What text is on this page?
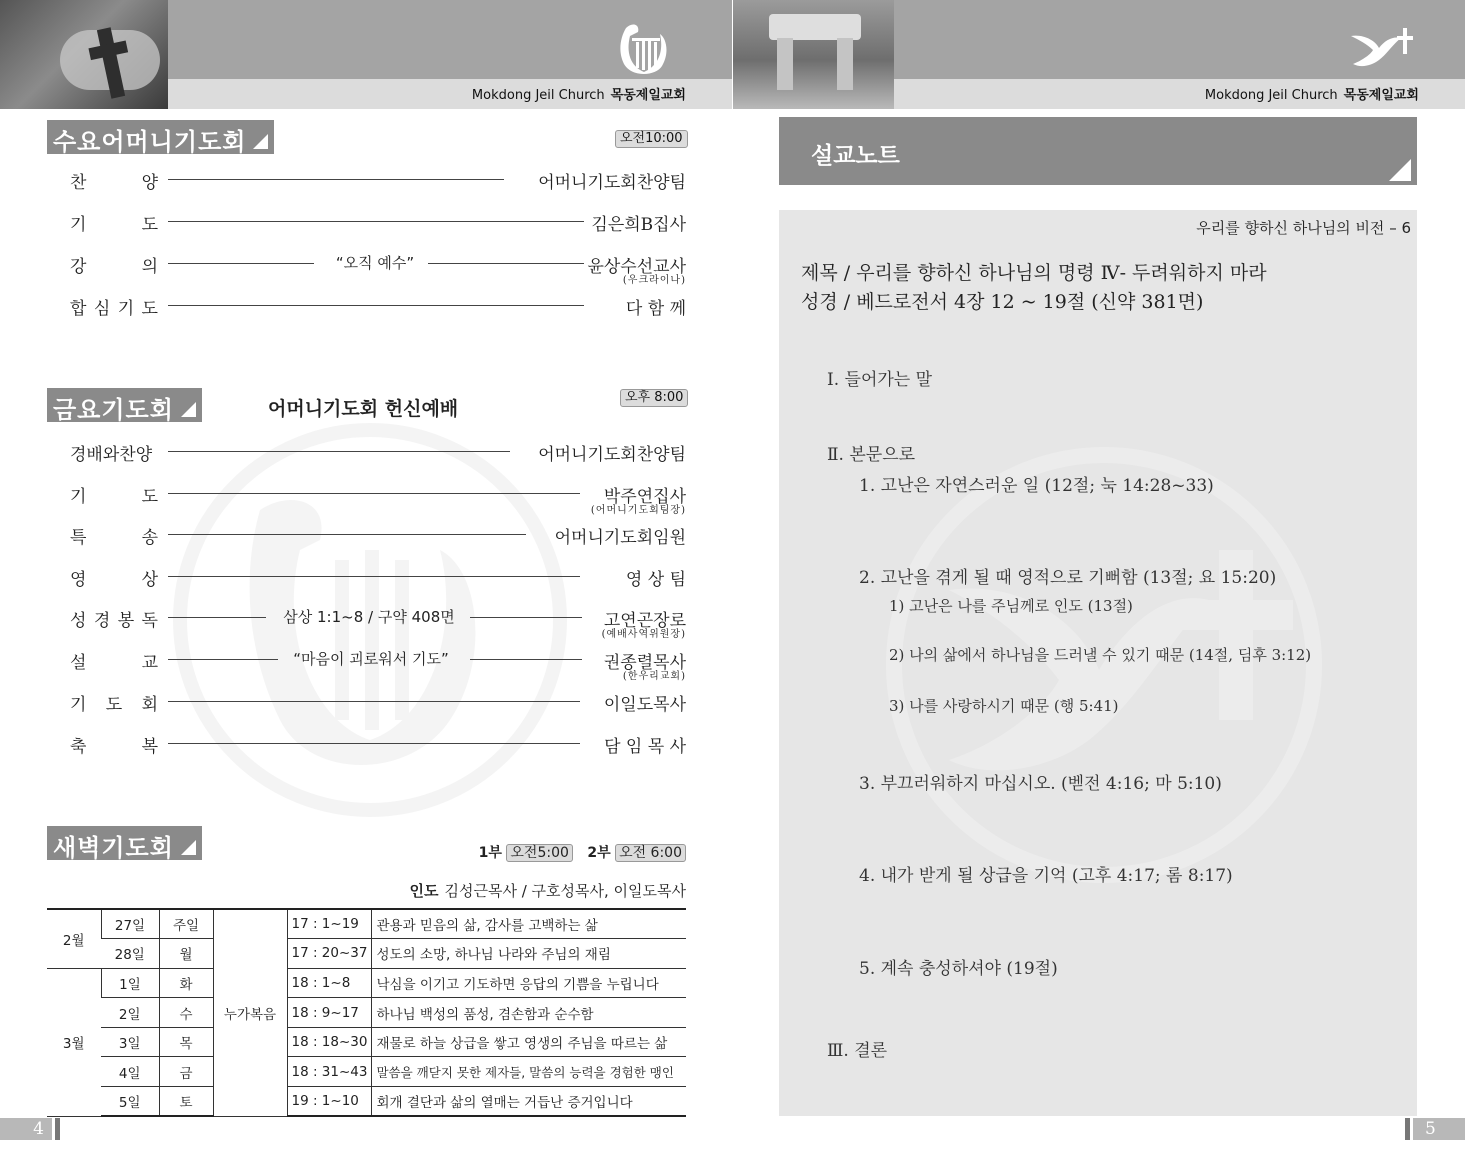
Mokdong Jeil Church 목동제일교회
수요어머니기도회	오전10:00
찬	양	어머니기도회찬양팀
기	도	김은희B집사
강	의	“오직 예수”	윤상수선교사
(우크라이나)
합 심 기 도	다 함 께
금요기도회	어머니기도회 헌신예배
오후 8:00
경배와찬양	어머니기도회찬양팀
기	도	박주연집사
(어머니기도회팀장)
특	송	어머니기도회임원
영	상	영 상 팀
성 경 봉 독	삼상 1:1~8 / 구약 408면	고연곤장로
(예배사역위원장)
설	교	“마음이 괴로워서 기도”	권종렬목사
(한우리교회)
기 도 회	이일도목사
축	복	담 임 목 사
새벽기도회	1부 오전5:00 2부 오전 6:00
인도 김성근목사 / 구호성목사, 이일도목사
2월	27일	주일	누가복음	17 : 1~19	관용과 믿음의 삶, 감사를 고백하는 삶
	28일	월		17 : 20~37	성도의 소망, 하나님 나라와 주님의 재림
3월	1일	화		18 : 1~8	낙심을 이기고 기도하면 응답의 기쁨을 누립니다
	2일	수		18 : 9~17	하나님 백성의 품성, 겸손함과 순수함
	3일	목		18 : 18~30	재물로 하늘 상급을 쌓고 영생의 주님을 따르는 삶
	4일	금		18 : 31~43	말씀을 깨닫지 못한 제자들, 말씀의 능력을 경험한 맹인
	5일	토		19 : 1~10	회개 결단과 삶의 열매는 거듭난 증거입니다
4
Mokdong Jeil Church 목동제일교회
설교노트
우리를 향하신 하나님의 비전 – 6
제목 / 우리를 향하신 하나님의 명령 Ⅳ- 두려워하지 마라
성경 / 베드로전서 4장 12 ~ 19절 (신약 381면)
Ⅰ. 들어가는 말
Ⅱ. 본문으로
1. 고난은 자연스러운 일 (12절; 눅 14:28~33)
2. 고난을 겪게 될 때 영적으로 기뻐함 (13절; 요 15:20)
1) 고난은 나를 주님께로 인도 (13절)
2) 나의 삶에서 하나님을 드러낼 수 있기 때문 (14절, 딤후 3:12)
3) 나를 사랑하시기 때문 (행 5:41)
3. 부끄러워하지 마십시오. (벧전 4:16; 마 5:10)
4. 내가 받게 될 상급을 기억 (고후 4:17; 롬 8:17)
5. 계속 충성하셔야 (19절)
Ⅲ. 결론
5
